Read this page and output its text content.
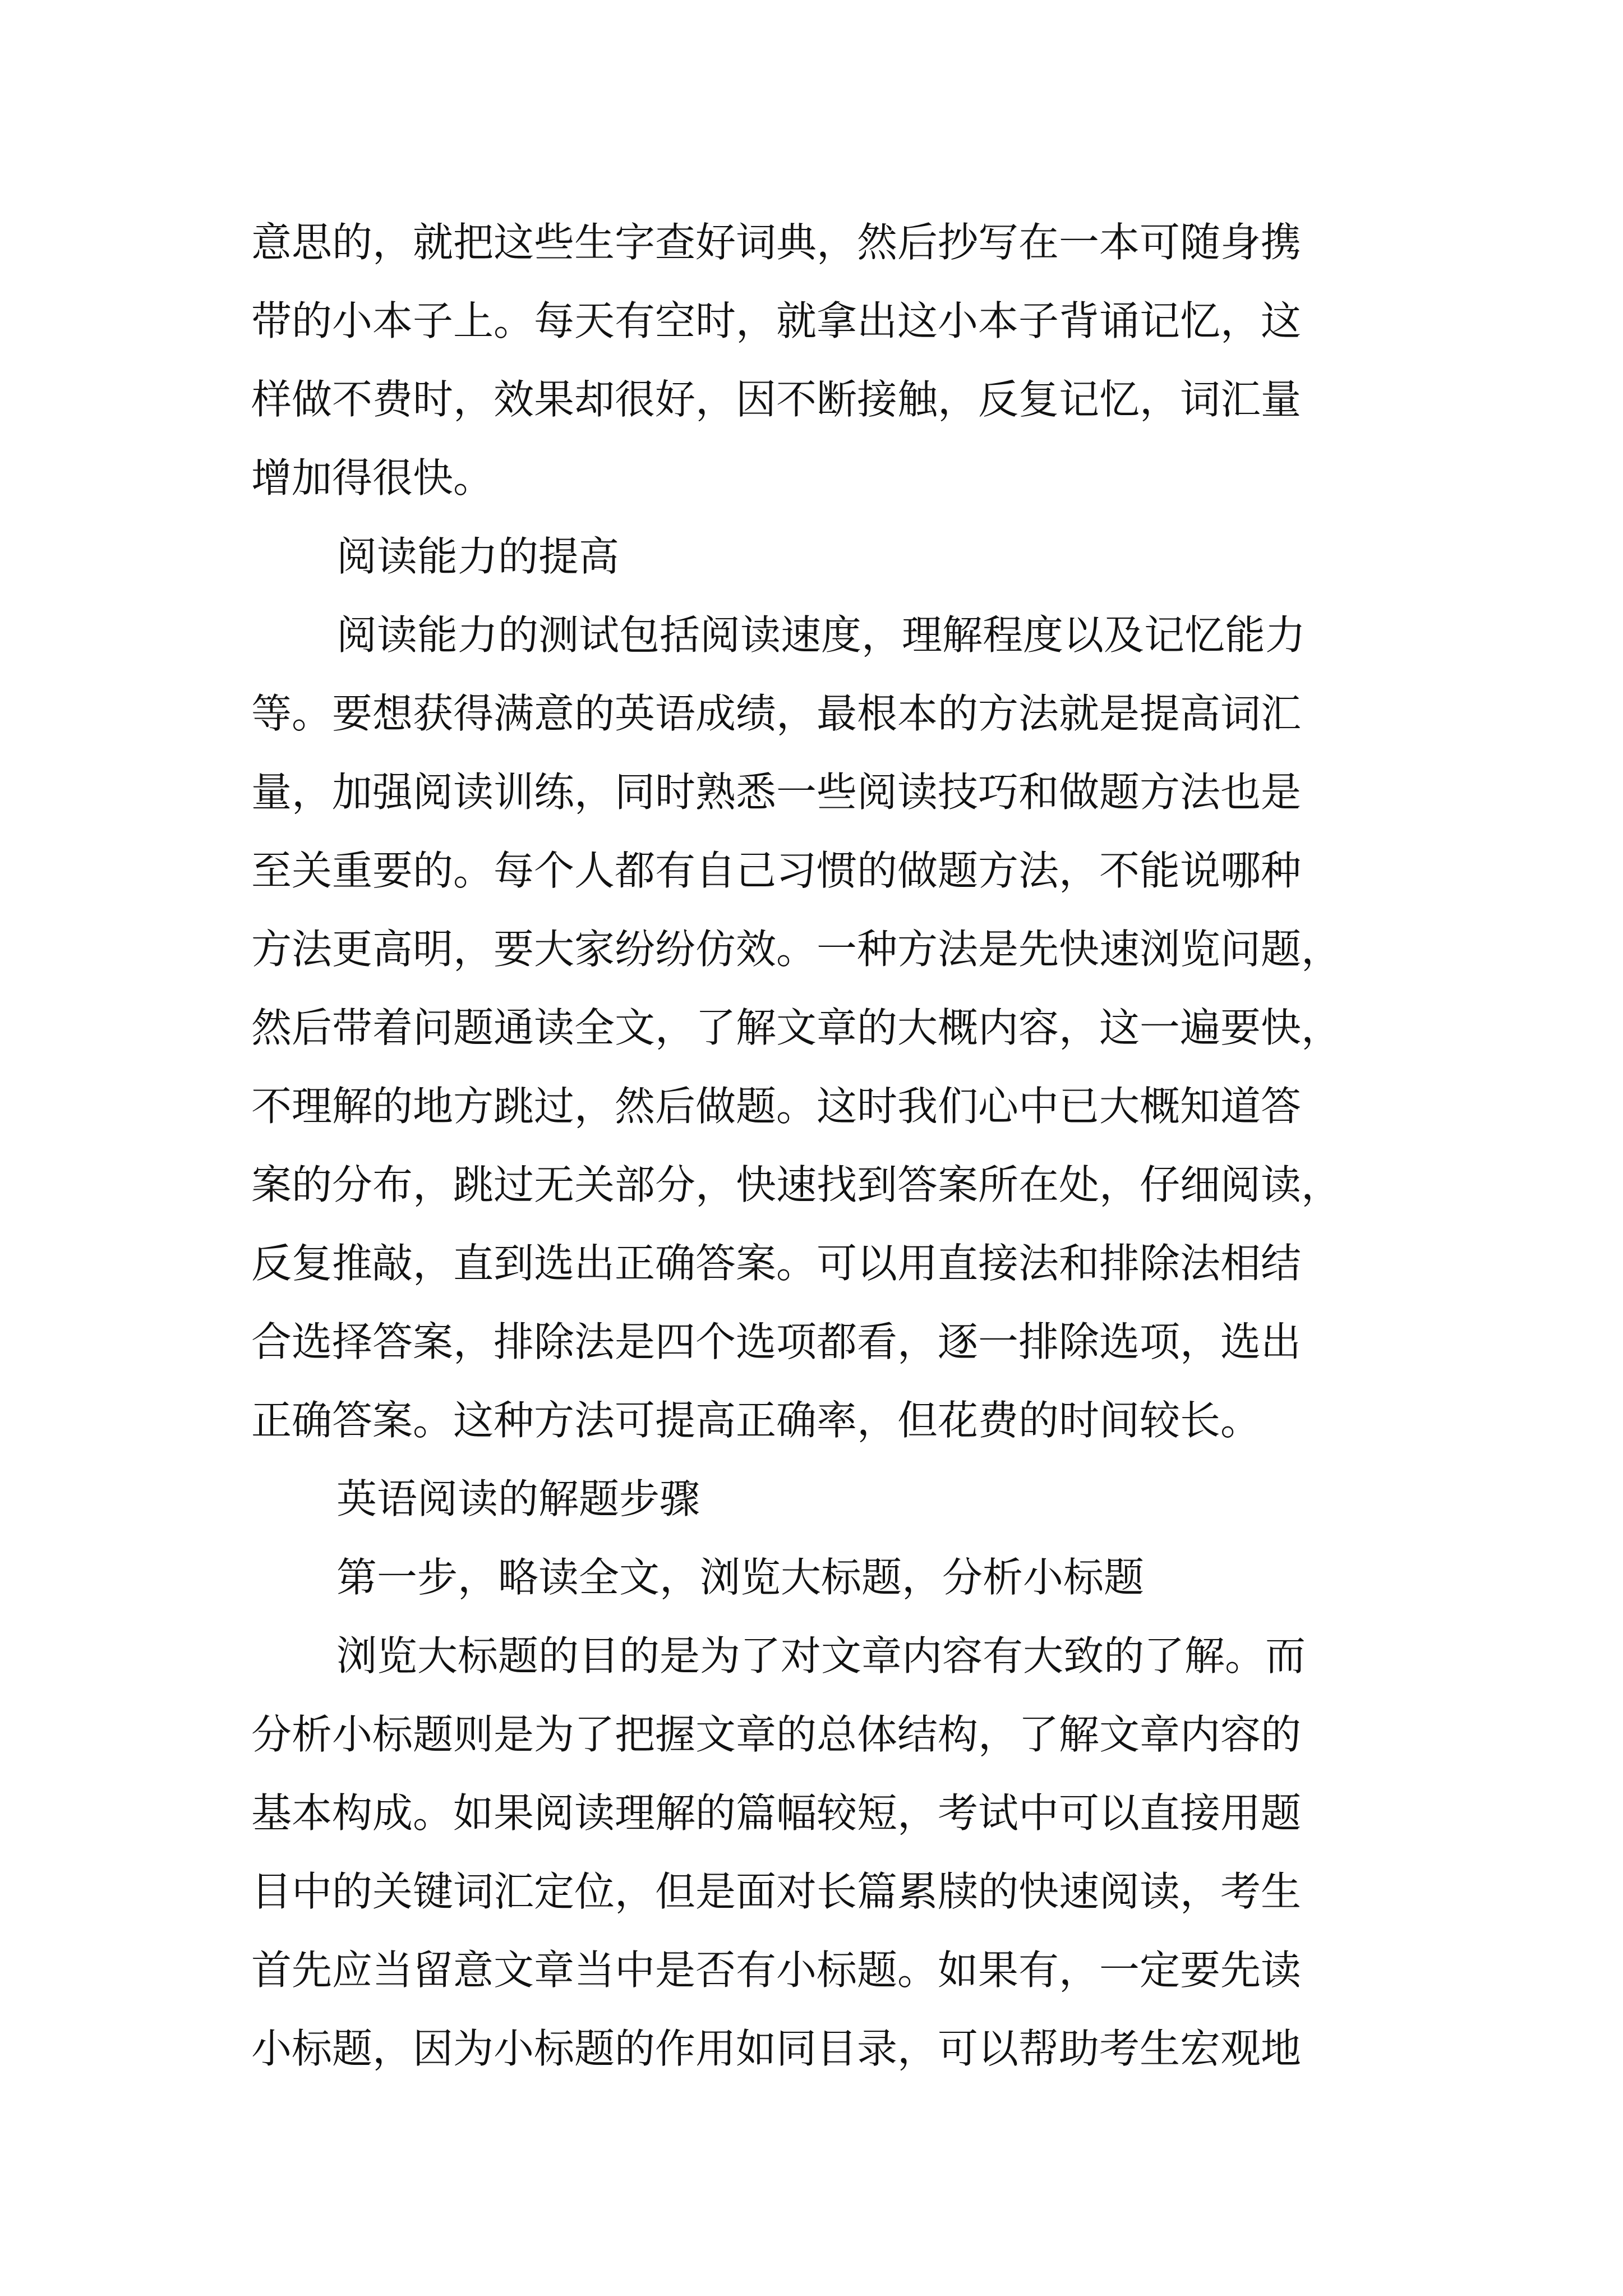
意思的，就把这些生字查好词典，然后抄写在一本可随身携
带的小本子上。每天有空时，就拿出这小本子背诵记忆，这
样做不费时，效果却很好，因不断接触，反复记忆，词汇量
增加得很快。
阅读能力的提高
阅读能力的测试包括阅读速度，理解程度以及记忆能力
等。要想获得满意的英语成绩，最根本的方法就是提高词汇
量，加强阅读训练，同时熟悉一些阅读技巧和做题方法也是
至关重要的。每个人都有自己习惯的做题方法，不能说哪种
方法更高明，要大家纷纷仿效。一种方法是先快速浏览问题，
然后带着问题通读全文，了解文章的大概内容，这一遍要快，
不理解的地方跳过，然后做题。这时我们心中已大概知道答
案的分布，跳过无关部分，快速找到答案所在处，仔细阅读，
反复推敲，直到选出正确答案。可以用直接法和排除法相结
合选择答案，排除法是四个选项都看，逐一排除选项，选出
正确答案。这种方法可提高正确率，但花费的时间较长。
英语阅读的解题步骤
第一步，略读全文，浏览大标题，分析小标题
浏览大标题的目的是为了对文章内容有大致的了解。而
分析小标题则是为了把握文章的总体结构，了解文章内容的
基本构成。如果阅读理解的篇幅较短，考试中可以直接用题
目中的关键词汇定位，但是面对长篇累牍的快速阅读，考生
首先应当留意文章当中是否有小标题。如果有，一定要先读
小标题，因为小标题的作用如同目录，可以帮助考生宏观地
